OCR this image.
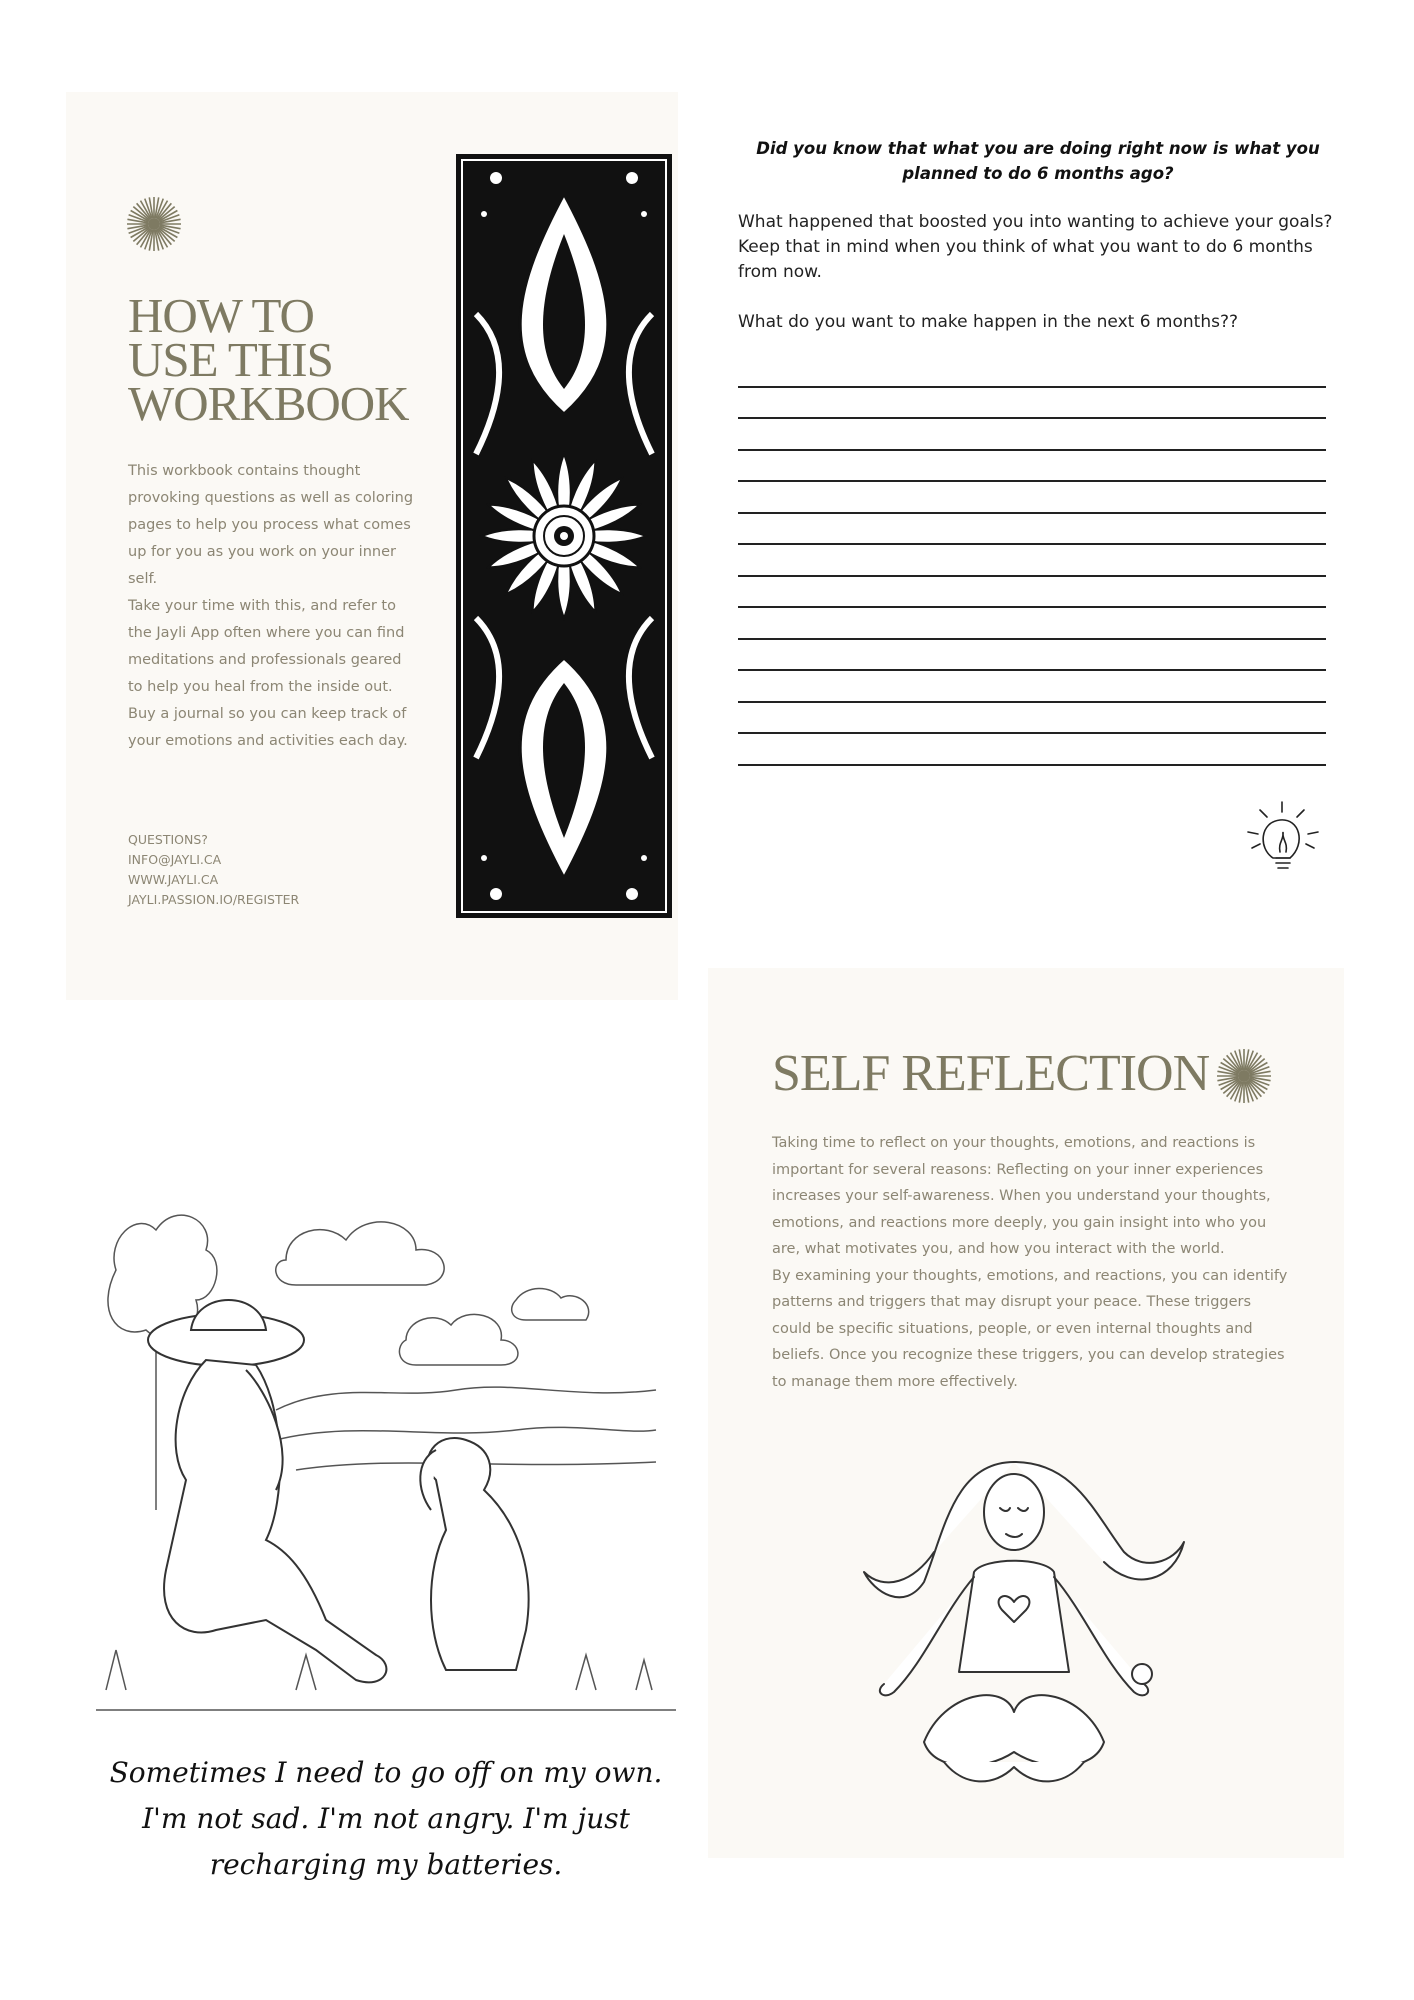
HOW TO
USE THIS
WORKBOOK

This workbook contains thought provoking questions as well as coloring pages to help you process what comes up for you as you work on your inner self.

Take your time with this, and refer to the Jayli App often where you can find meditations and professionals geared to help you heal from the inside out.

Buy a journal so you can keep track of your emotions and activities each day.

QUESTIONS?
INFO@JAYLI.CA
WWW.JAYLI.CA
JAYLI.PASSION.IO/REGISTER
Did you know that what you are doing right now is what you planned to do 6 months ago?

What happened that boosted you into wanting to achieve your goals? Keep that in mind when you think of what you want to do 6 months from now.

What do you want to make happen in the next 6 months??

Sometimes I need to go off on my own. I'm not sad. I'm not angry. I'm just recharging my batteries.

SELF REFLECTION

Taking time to reflect on your thoughts, emotions, and reactions is important for several reasons: Reflecting on your inner experiences increases your self-awareness. When you understand your thoughts, emotions, and reactions more deeply, you gain insight into who you are, what motivates you, and how you interact with the world.

By examining your thoughts, emotions, and reactions, you can identify patterns and triggers that may disrupt your peace. These triggers could be specific situations, people, or even internal thoughts and beliefs. Once you recognize these triggers, you can develop strategies to manage them more effectively.
